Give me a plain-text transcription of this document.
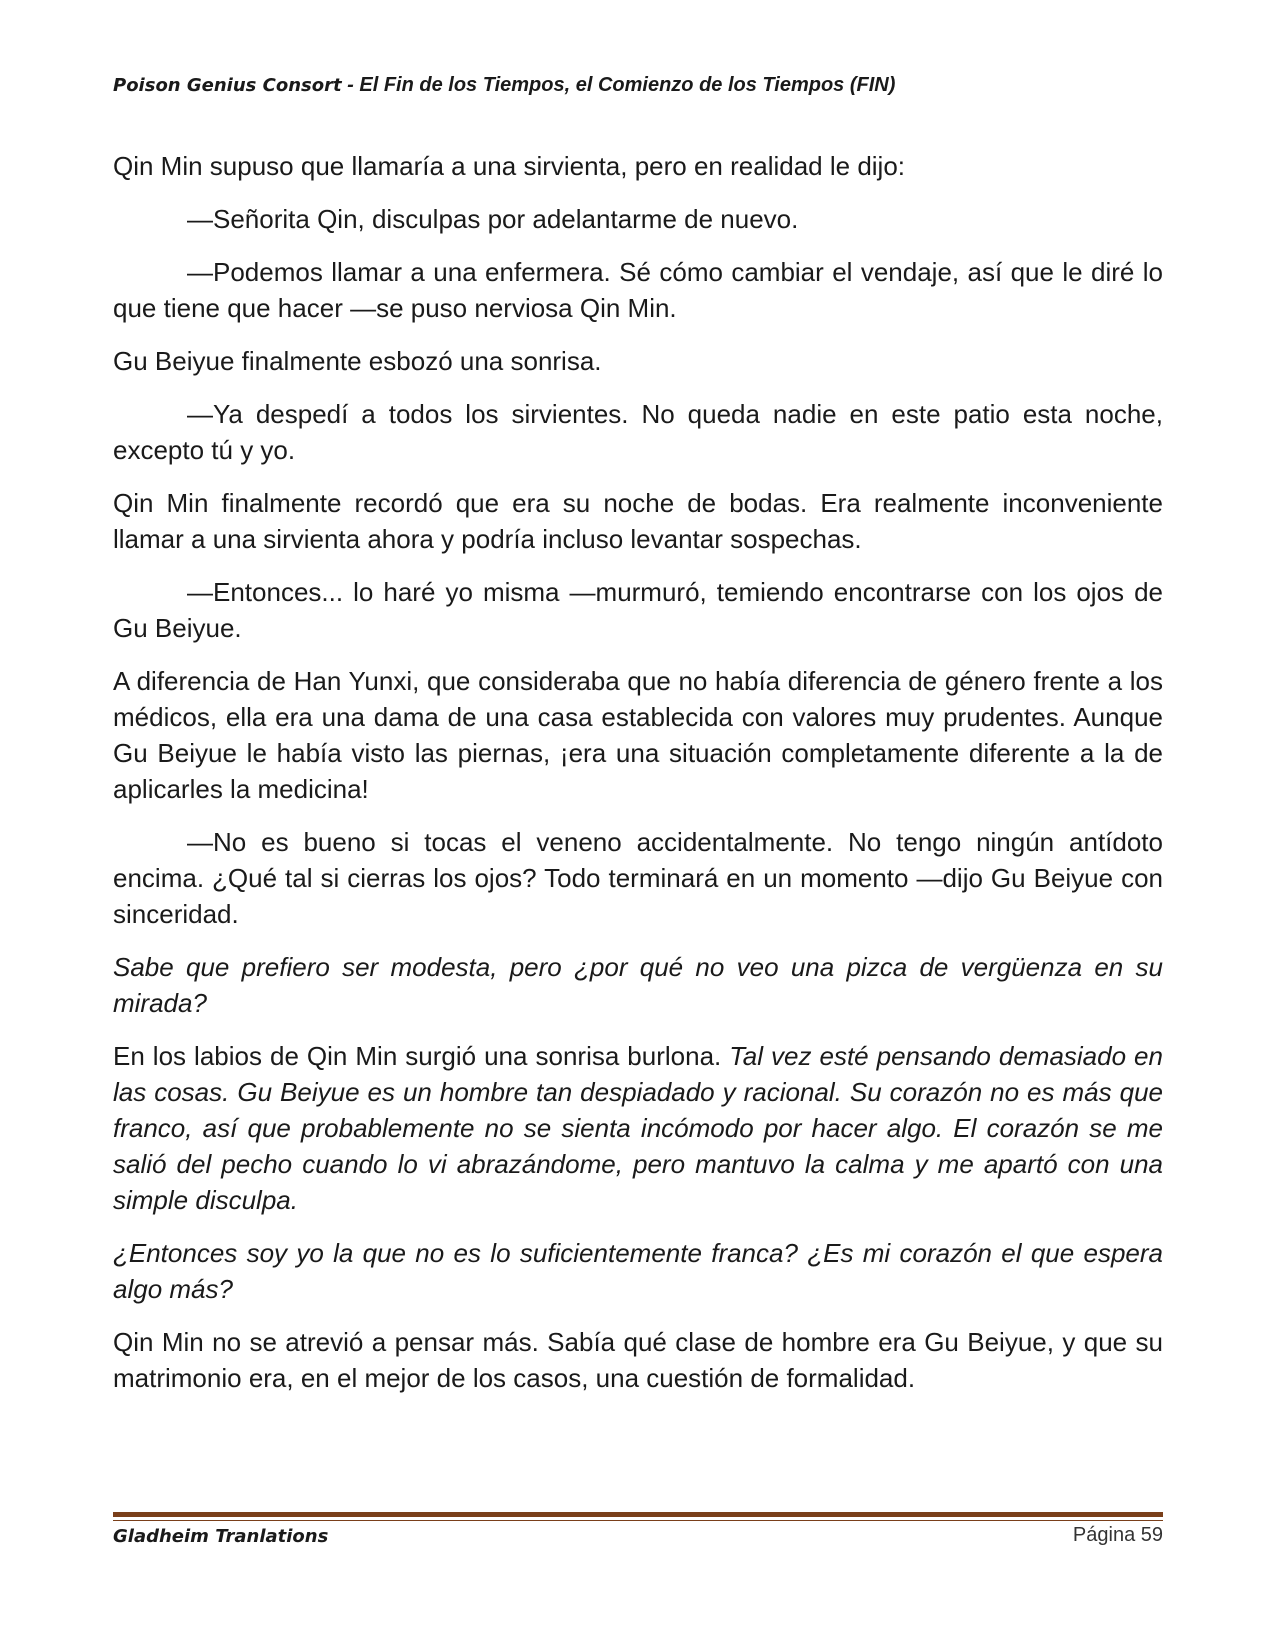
Poison Genius Consort - El Fin de los Tiempos, el Comienzo de los Tiempos (FIN)

Qin Min supuso que llamaría a una sirvienta, pero en realidad le dijo:

—Señorita Qin, disculpas por adelantarme de nuevo.

—Podemos llamar a una enfermera. Sé cómo cambiar el vendaje, así que le diré lo que tiene que hacer —se puso nerviosa Qin Min.

Gu Beiyue finalmente esbozó una sonrisa.

—Ya despedí a todos los sirvientes. No queda nadie en este patio esta noche, excepto tú y yo.

Qin Min finalmente recordó que era su noche de bodas. Era realmente inconveniente llamar a una sirvienta ahora y podría incluso levantar sospechas.

—Entonces... lo haré yo misma —murmuró, temiendo encontrarse con los ojos de Gu Beiyue.

A diferencia de Han Yunxi, que consideraba que no había diferencia de género frente a los médicos, ella era una dama de una casa establecida con valores muy prudentes. Aunque Gu Beiyue le había visto las piernas, ¡era una situación completamente diferente a la de aplicarles la medicina!

—No es bueno si tocas el veneno accidentalmente. No tengo ningún antídoto encima. ¿Qué tal si cierras los ojos? Todo terminará en un momento —dijo Gu Beiyue con sinceridad.

Sabe que prefiero ser modesta, pero ¿por qué no veo una pizca de vergüenza en su mirada?

En los labios de Qin Min surgió una sonrisa burlona. Tal vez esté pensando demasiado en las cosas. Gu Beiyue es un hombre tan despiadado y racional. Su corazón no es más que franco, así que probablemente no se sienta incómodo por hacer algo. El corazón se me salió del pecho cuando lo vi abrazándome, pero mantuvo la calma y me apartó con una simple disculpa.

¿Entonces soy yo la que no es lo suficientemente franca? ¿Es mi corazón el que espera algo más?

Qin Min no se atrevió a pensar más. Sabía qué clase de hombre era Gu Beiyue, y que su matrimonio era, en el mejor de los casos, una cuestión de formalidad.

Gladheim Tranlations	Página 59
